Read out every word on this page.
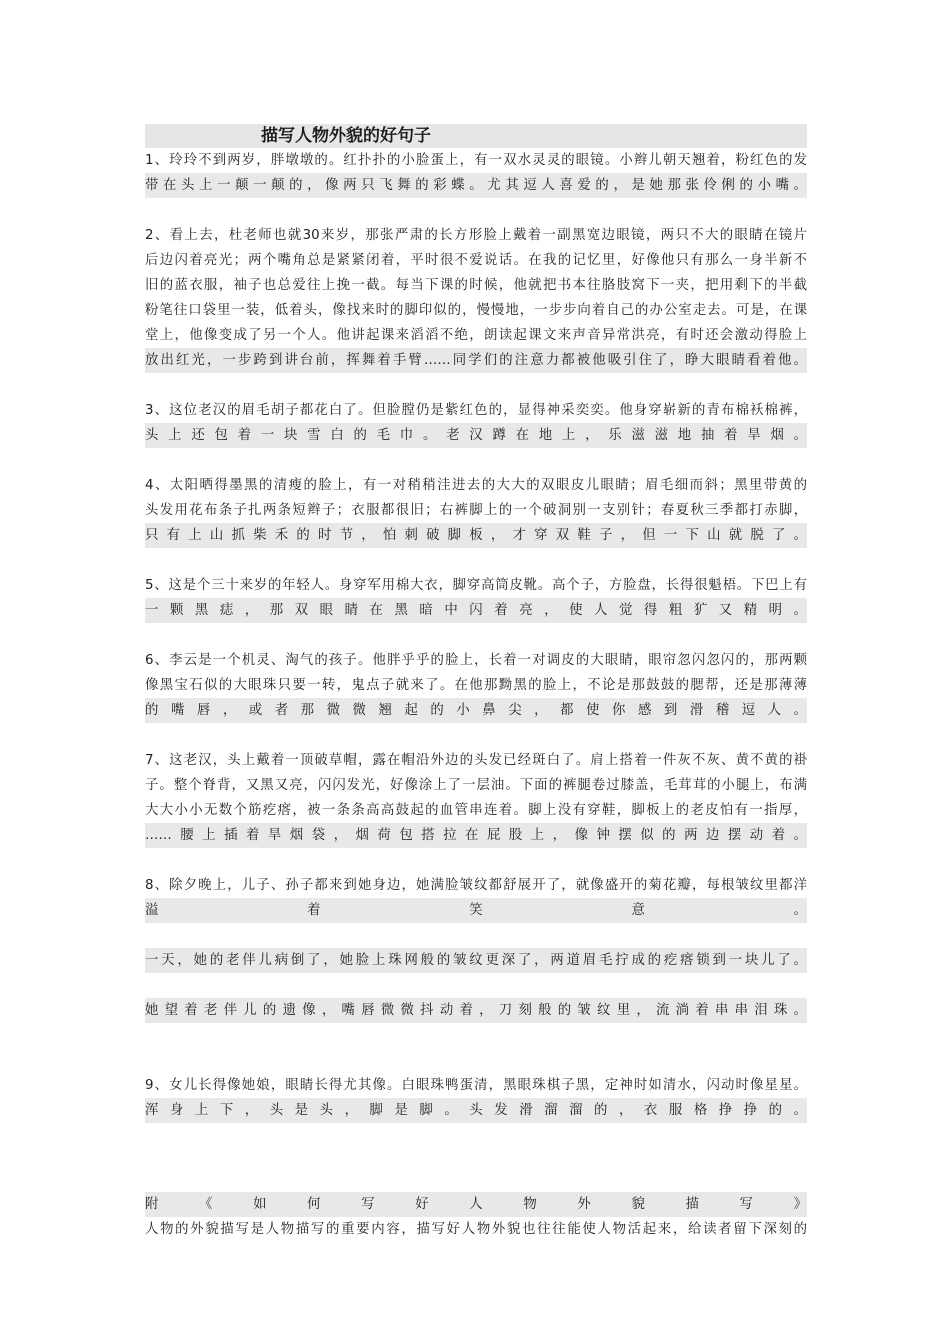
描写人物外貌的好句子
1、玲玲不到两岁，胖墩墩的。红扑扑的小脸蛋上，有一双水灵灵的眼镜。小辫儿朝天翘着，粉红色的发
带在头上一颠一颠的，像两只飞舞的彩蝶。尤其逗人喜爱的，是她那张伶俐的小嘴。
2、看上去，杜老师也就30来岁，那张严肃的长方形脸上戴着一副黑宽边眼镜，两只不大的眼睛在镜片
后边闪着亮光；两个嘴角总是紧紧闭着，平时很不爱说话。在我的记忆里，好像他只有那么一身半新不
旧的蓝衣服，袖子也总爱往上挽一截。每当下课的时候，他就把书本往胳肢窝下一夹，把用剩下的半截
粉笔往口袋里一装，低着头，像找来时的脚印似的，慢慢地，一步步向着自己的办公室走去。可是，在课
堂上，他像变成了另一个人。他讲起课来滔滔不绝，朗读起课文来声音异常洪亮，有时还会激动得脸上
放出红光，一步跨到讲台前，挥舞着手臂……同学们的注意力都被他吸引住了，睁大眼睛看着他。
3、这位老汉的眉毛胡子都花白了。但脸膛仍是紫红色的，显得神采奕奕。他身穿崭新的青布棉袄棉裤，
头上还包着一块雪白的毛巾。老汉蹲在地上，乐滋滋地抽着旱烟。
4、太阳晒得墨黑的清瘦的脸上，有一对稍稍洼进去的大大的双眼皮儿眼睛；眉毛细而斜；黑里带黄的
头发用花布条子扎两条短辫子；衣服都很旧；右裤脚上的一个破洞别一支别针；春夏秋三季都打赤脚，
只有上山抓柴禾的时节，怕刺破脚板，才穿双鞋子，但一下山就脱了。
5、这是个三十来岁的年轻人。身穿军用棉大衣，脚穿高筒皮靴。高个子，方脸盘，长得很魁梧。下巴上有
一颗黑痣，那双眼睛在黑暗中闪着亮，使人觉得粗犷又精明。
6、李云是一个机灵、淘气的孩子。他胖乎乎的脸上，长着一对调皮的大眼睛，眼帘忽闪忽闪的，那两颗
像黑宝石似的大眼珠只要一转，鬼点子就来了。在他那黝黑的脸上，不论是那鼓鼓的腮帮，还是那薄薄
的嘴唇，或者那微微翘起的小鼻尖，都使你感到滑稽逗人。
7、这老汉，头上戴着一顶破草帽，露在帽沿外边的头发已经斑白了。肩上搭着一件灰不灰、黄不黄的褂
子。整个脊背，又黑又亮，闪闪发光，好像涂上了一层油。下面的裤腿卷过膝盖，毛茸茸的小腿上，布满
大大小小无数个筋疙瘩，被一条条高高鼓起的血管串连着。脚上没有穿鞋，脚板上的老皮怕有一指厚，
……腰上插着旱烟袋，烟荷包搭拉在屁股上，像钟摆似的两边摆动着。
8、除夕晚上，儿子、孙子都来到她身边，她满脸皱纹都舒展开了，就像盛开的菊花瓣，每根皱纹里都洋
溢着笑意。
一天，她的老伴儿病倒了，她脸上珠网般的皱纹更深了，两道眉毛拧成的疙瘩锁到一块儿了。
她望着老伴儿的遗像，嘴唇微微抖动着，刀刻般的皱纹里，流淌着串串泪珠。
9、女儿长得像她娘，眼睛长得尤其像。白眼珠鸭蛋清，黑眼珠棋子黑，定神时如清水，闪动时像星星。
浑身上下，头是头，脚是脚。头发滑溜溜的，衣服格挣挣的。
附《如何写好人物外貌描写》
人物的外貌描写是人物描写的重要内容，描写好人物外貌也往往能使人物活起来，给读者留下深刻的
